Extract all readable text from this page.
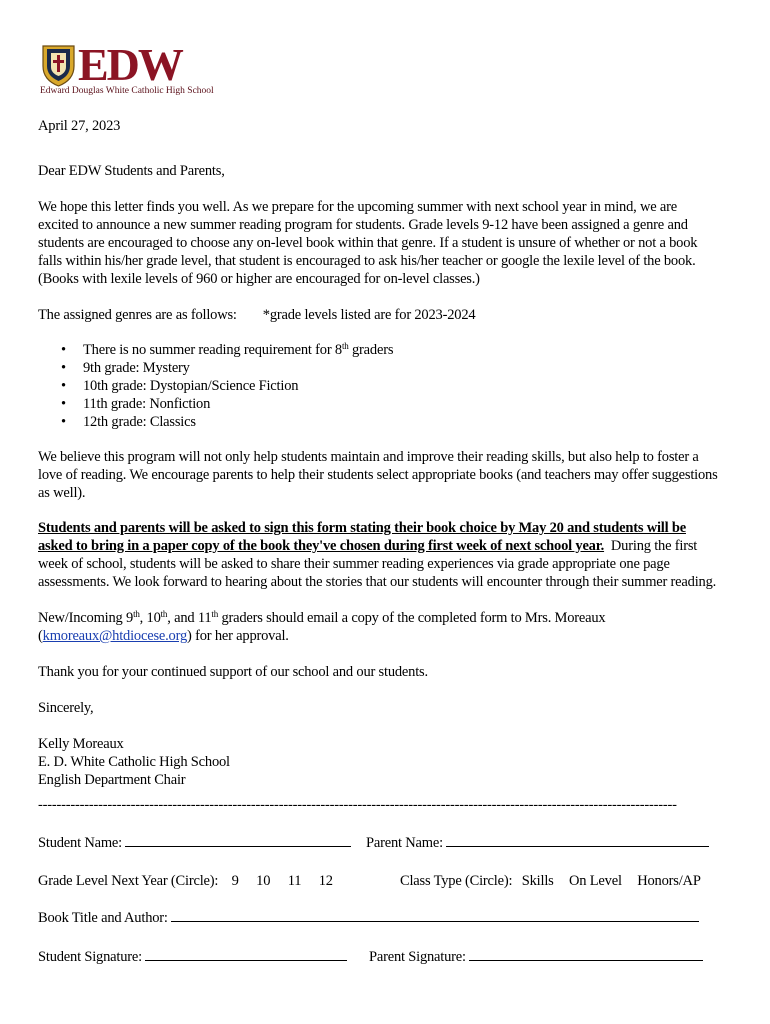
EDW
Edward Douglas White Catholic High School
April 27, 2023
Dear EDW Students and Parents,
We hope this letter finds you well. As we prepare for the upcoming summer with next school year in mind, we are
excited to announce a new summer reading program for students. Grade levels 9-12 have been assigned a genre and
students are encouraged to choose any on-level book within that genre. If a student is unsure of whether or not a book
falls within his/her grade level, that student is encouraged to ask his/her teacher or google the lexile level of the book.
(Books with lexile levels of 960 or higher are encouraged for on-level classes.)
The assigned genres are as follows: *grade levels listed are for 2023-2024
• There is no summer reading requirement for 8th graders
• 9th grade: Mystery
• 10th grade: Dystopian/Science Fiction
• 11th grade: Nonfiction
• 12th grade: Classics
We believe this program will not only help students maintain and improve their reading skills, but also help to foster a
love of reading. We encourage parents to help their students select appropriate books (and teachers may offer suggestions
as well).
Students and parents will be asked to sign this form stating their book choice by May 20 and students will be
asked to bring in a paper copy of the book they've chosen during first week of next school year.  During the first
week of school, students will be asked to share their summer reading experiences via grade appropriate one page
assessments. We look forward to hearing about the stories that our students will encounter through their summer reading.
New/Incoming 9th, 10th, and 11th graders should email a copy of the completed form to Mrs. Moreaux
(kmoreaux@htdiocese.org) for her approval.
Thank you for your continued support of our school and our students.
Sincerely,
Kelly Moreaux
E. D. White Catholic High School
English Department Chair
------------------------------------------------------------------------------------------------------------------------------------------
Student Name:	Parent Name:
Grade Level Next Year (Circle): 9 10 11 12	Class Type (Circle): Skills On Level Honors/AP
Book Title and Author:
Student Signature:	Parent Signature:
